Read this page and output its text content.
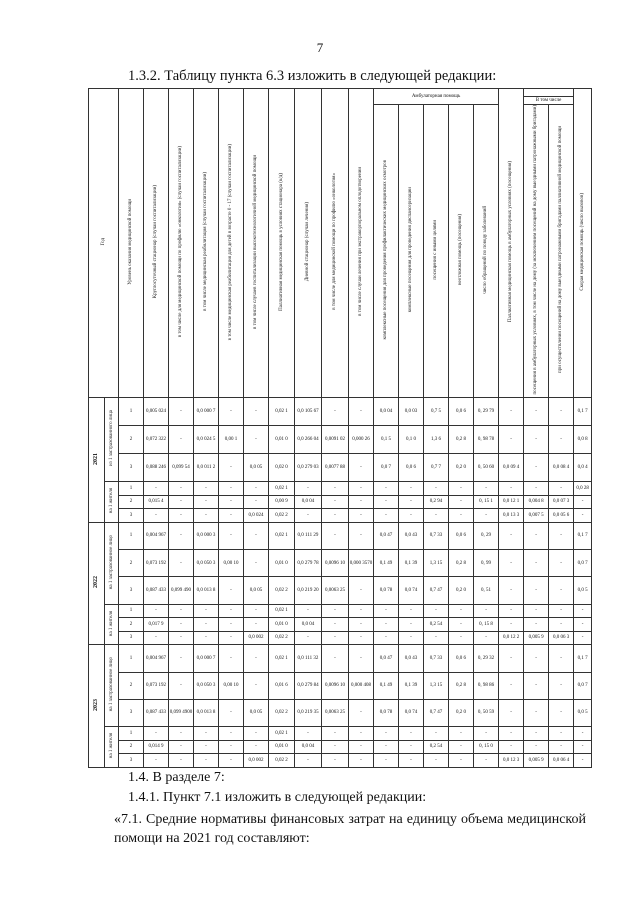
7
1.3.2. Таблицу пункта 6.3 изложить в следующей редакции:
Год		Уровень оказания медицинской помощи	Круглосуточный стационар (случаи госпитализации)	в том числе для медицинской помощи по профилю «онкология» (случаи госпитализации)	в том числе медицинская реабилитация (случаи госпитализации)	в том числе медицинская реабилитация для детей в возрасте 0 - 17 (случаи госпитализации)	в том числе случаев госпитализации высокотехнологичной медицинской помощи	Паллиативная медицинская помощь в условиях стационара (к/д)	Дневной стационар (случаи лечения)	в том числе для медицинской помощи по профилю «онкология»	в том числе случаи лечения при экстракорпоральном оплодотворении	Амбулаторная помощь					Паллиативная медицинская помощь в амбулаторных условиях (посещения)			Скорая медицинская помощь (число вызовов)
																		В том числе		
												комплексные посещения для проведения профилактических медицинских осмотров	комплексные посещения для проведения диспансеризации	посещения с иными целями	неотложная помощь (посещения)	число обращений по поводу заболеваний		посещения в амбулаторных условиях, в том числе на дому (за исключением посещений на дому выездными патронажными бригадами)	при осуществлении посещений на дому выездными патронажными бригадами паллиативной медицинской помощи	
2021	из 1 застрахованного лица	1	0,005 024	-	0,0 000 7	-	-	0,02 1	0,0 105 67	-	-	0,0 04	0,0 03	0,7 5	0,0 6	0, 29 79	-	-	-	0,1 7

		2	0,072 322	-	0,0 024 5	0,00 1	-	0,01 0	0,0 266 04	0,0091 02	0,000 26	0,1 5	0,1 0	1,3 6	0,2 8	0, 98 78	-	-	-	0,0 8

		3	0,088 246	0,099 54	0,0 011 2	-	0,0 05	0,02 0	0,0 279 03	0,0077 88	-	0,0 7	0,0 6	0,7 7	0,2 0	0, 50 60	0,0 09 4	-	0,0 08 4	0,0 4

	на 1 жителя	1	-	-	-	-	-	0,02 1	-	-	-	-	-	-	-	-	-	-	-	0,0 28

		2	0,015 4	-	-	-	-	0,00 9	0,0 04	-	-	-	-	0,2 94	-	0, 15 1	0,0 12 1	0,004 8	0,0 07 3	-

		3	-	-	-	-	0,0 024	0,02 2	-	-	-	-	-	-	-	-	0,0 13 3	0,007 5	0,0 05 6	-

2022	на 1 застрахованное лицо	1	0,004 967	-	0,0 000 3	-	-	0,02 1	0,0 111 29	-	-	0,0 47	0,0 43	0,7 33	0,0 6	0, 29	-	-	-	0,1 7

		2	0,073 192	-	0,0 050 3	0,00 10	-	0,01 0	0,0 279 78	0,0096 10	0,000 3570	0,1 49	0,1 39	1,3 15	0,2 8	0, 99	-	-	-	0,0 7

		3	0,087 433	0,099 490	0,0 013 8	-	0,0 05	0,02 2	0,0 219 20	0,0063 25	-	0,0 78	0,0 74	0,7 47	0,2 0	0, 51	-	-	-	0,0 5

	на 1 жителя	1	-	-	-	-	-	0,02 1	-	-	-	-	-	-	-	-	-	-	-	-

		2	0,017 9	-	-	-	-	0,01 0	0,0 04	-	-	-	-	0,2 54	-	0, 15 8	-	-	-	-

		3	-	-	-	-	0,0 002	0,02 2	-	-	-	-	-	-	-	-	0,0 12 2	0,005 9	0,0 06 3	-

2023	на 1 застрахованное лицо	1	0,004 967	-	0,0 000 7	-	-	0,02 1	0,0 111 32	-	-	0,0 47	0,0 43	0,7 33	0,0 6	0, 29 32	-	-	-	0,1 7

		2	0,073 192	-	0,0 050 3	0,00 10	-	0,01 6	0,0 279 84	0,0096 10	0,000 408	0,1 49	0,1 39	1,3 15	0,2 8	0, 98 86	-	-	-	0,0 7

		3	0,087 433	0,099 4900	0,0 013 8	-	0,0 05	0,02 2	0,0 219 35	0,0063 25	-	0,0 78	0,0 74	0,7 47	0,2 0	0, 50 59	-	-	-	0,0 5

	на 1 жителя	1	-	-	-	-	-	0,02 1	-	-	-	-	-	-	-	-	-	-	-	-

		2	0,014 9	-	-	-	-	0,01 0	0,0 04	-	-	-	-	0,2 54	-	0, 15 0	-	-	-	-

		3	-	-	-	-	0,0 002	0,02 2	-	-	-	-	-	-	-	-	0,0 12 3	0,005 9	0,0 06 4	-
1.4. В разделе 7:
1.4.1. Пункт 7.1 изложить в следующей редакции:
«7.1. Средние нормативы финансовых затрат на единицу объема медицинской помощи на 2021 год составляют:
